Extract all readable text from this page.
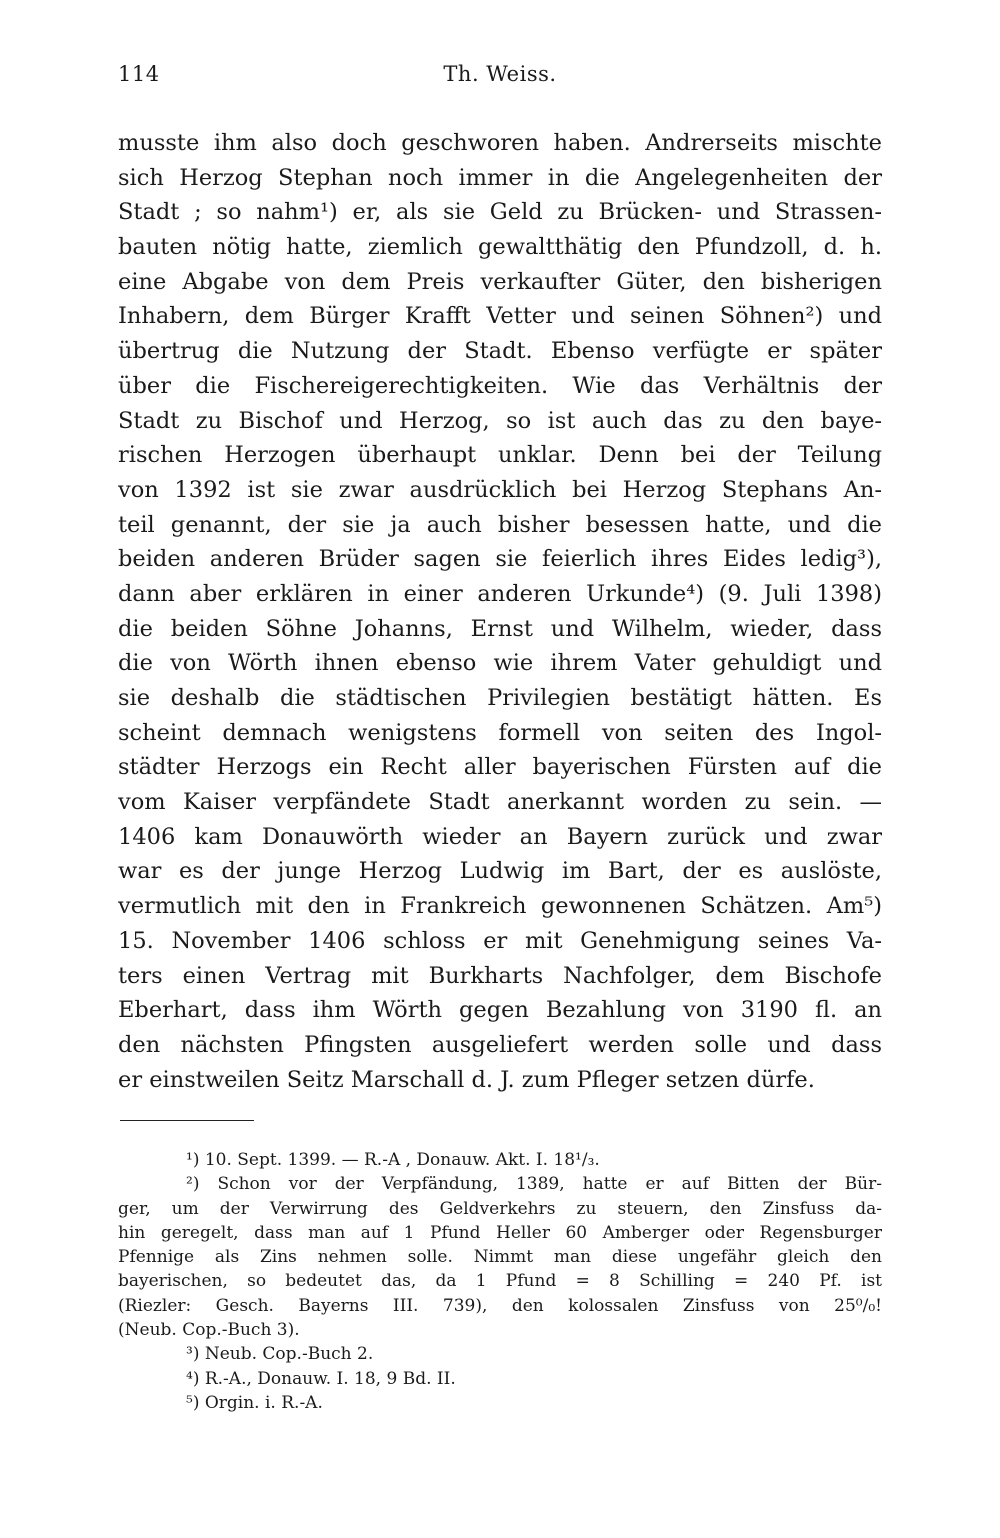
114	Th. Weiss.
musste ihm also doch geschworen haben. Andrerseits mischte
sich Herzog Stephan noch immer in die Angelegenheiten der
Stadt ; so nahm¹) er, als sie Geld zu Brücken- und Strassen-
bauten nötig hatte, ziemlich gewaltthätig den Pfundzoll, d. h.
eine Abgabe von dem Preis verkaufter Güter, den bisherigen
Inhabern, dem Bürger Krafft Vetter und seinen Söhnen²) und
übertrug die Nutzung der Stadt. Ebenso verfügte er später
über die Fischereigerechtigkeiten. Wie das Verhältnis der
Stadt zu Bischof und Herzog, so ist auch das zu den baye-
rischen Herzogen überhaupt unklar. Denn bei der Teilung
von 1392 ist sie zwar ausdrücklich bei Herzog Stephans An-
teil genannt, der sie ja auch bisher besessen hatte, und die
beiden anderen Brüder sagen sie feierlich ihres Eides ledig³),
dann aber erklären in einer anderen Urkunde⁴) (9. Juli 1398)
die beiden Söhne Johanns, Ernst und Wilhelm, wieder, dass
die von Wörth ihnen ebenso wie ihrem Vater gehuldigt und
sie deshalb die städtischen Privilegien bestätigt hätten. Es
scheint demnach wenigstens formell von seiten des Ingol-
städter Herzogs ein Recht aller bayerischen Fürsten auf die
vom Kaiser verpfändete Stadt anerkannt worden zu sein. —
1406 kam Donauwörth wieder an Bayern zurück und zwar
war es der junge Herzog Ludwig im Bart, der es auslöste,
vermutlich mit den in Frankreich gewonnenen Schätzen. Am⁵)
15. November 1406 schloss er mit Genehmigung seines Va-
ters einen Vertrag mit Burkharts Nachfolger, dem Bischofe
Eberhart, dass ihm Wörth gegen Bezahlung von 3190 fl. an
den nächsten Pfingsten ausgeliefert werden solle und dass
er einstweilen Seitz Marschall d. J. zum Pfleger setzen dürfe.
¹) 10. Sept. 1399. — R.-A , Donauw. Akt. I. 18¹/₃.
²) Schon vor der Verpfändung, 1389, hatte er auf Bitten der Bür-
ger, um der Verwirrung des Geldverkehrs zu steuern, den Zinsfuss da-
hin geregelt, dass man auf 1 Pfund Heller 60 Amberger oder Regensburger
Pfennige als Zins nehmen solle. Nimmt man diese ungefähr gleich den
bayerischen, so bedeutet das, da 1 Pfund = 8 Schilling = 240 Pf. ist
(Riezler: Gesch. Bayerns III. 739), den kolossalen Zinsfuss von 25⁰/₀!
(Neub. Cop.-Buch 3).
³) Neub. Cop.-Buch 2.
⁴) R.-A., Donauw. I. 18, 9 Bd. II.
⁵) Orgin. i. R.-A.
